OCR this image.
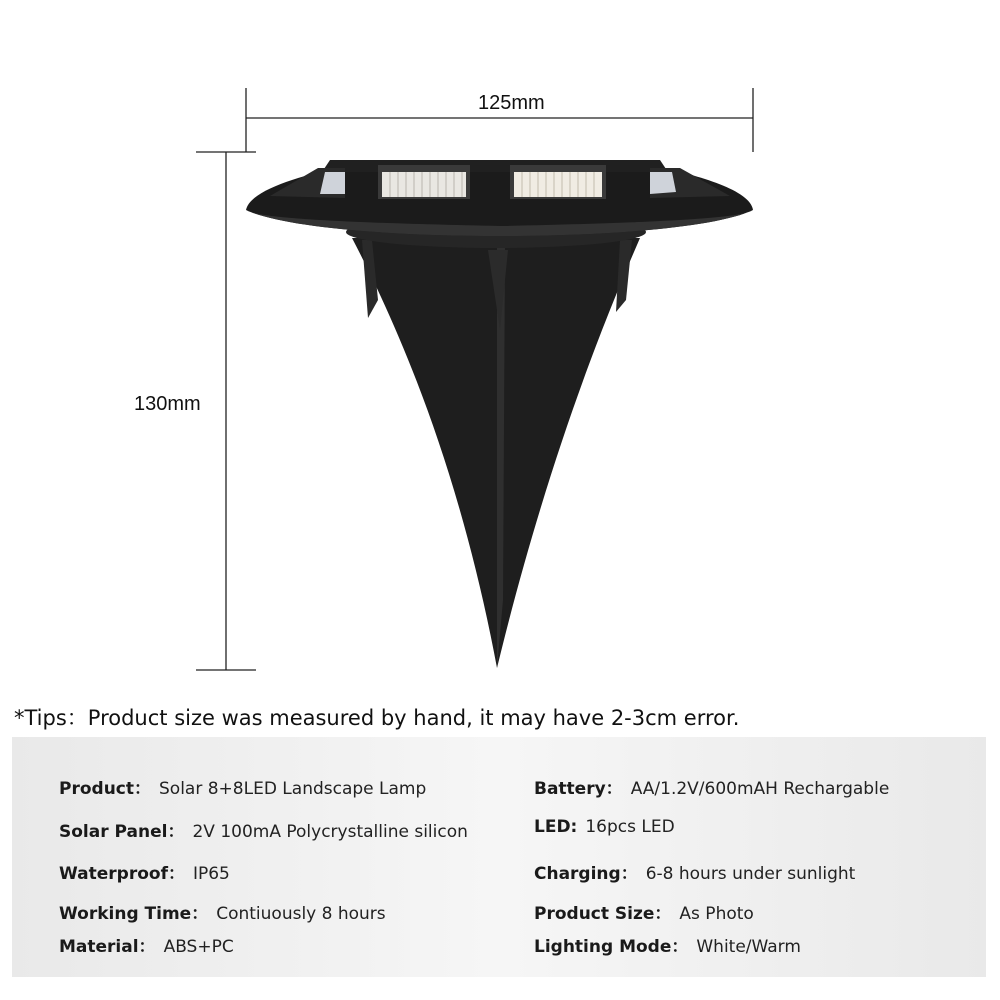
125mm
130mm
*Tips：Product size was measured by hand, it may have 2-3cm error.
Product： Solar 8+8LED Landscape Lamp
Solar Panel： 2V 100mA Polycrystalline silicon
Waterproof： IP65
Working Time： Contiuously 8 hours
Material： ABS+PC
Battery： AA/1.2V/600mAH Rechargable
LED: 16pcs LED
Charging： 6-8 hours under sunlight
Product Size： As Photo
Lighting Mode： White/Warm
